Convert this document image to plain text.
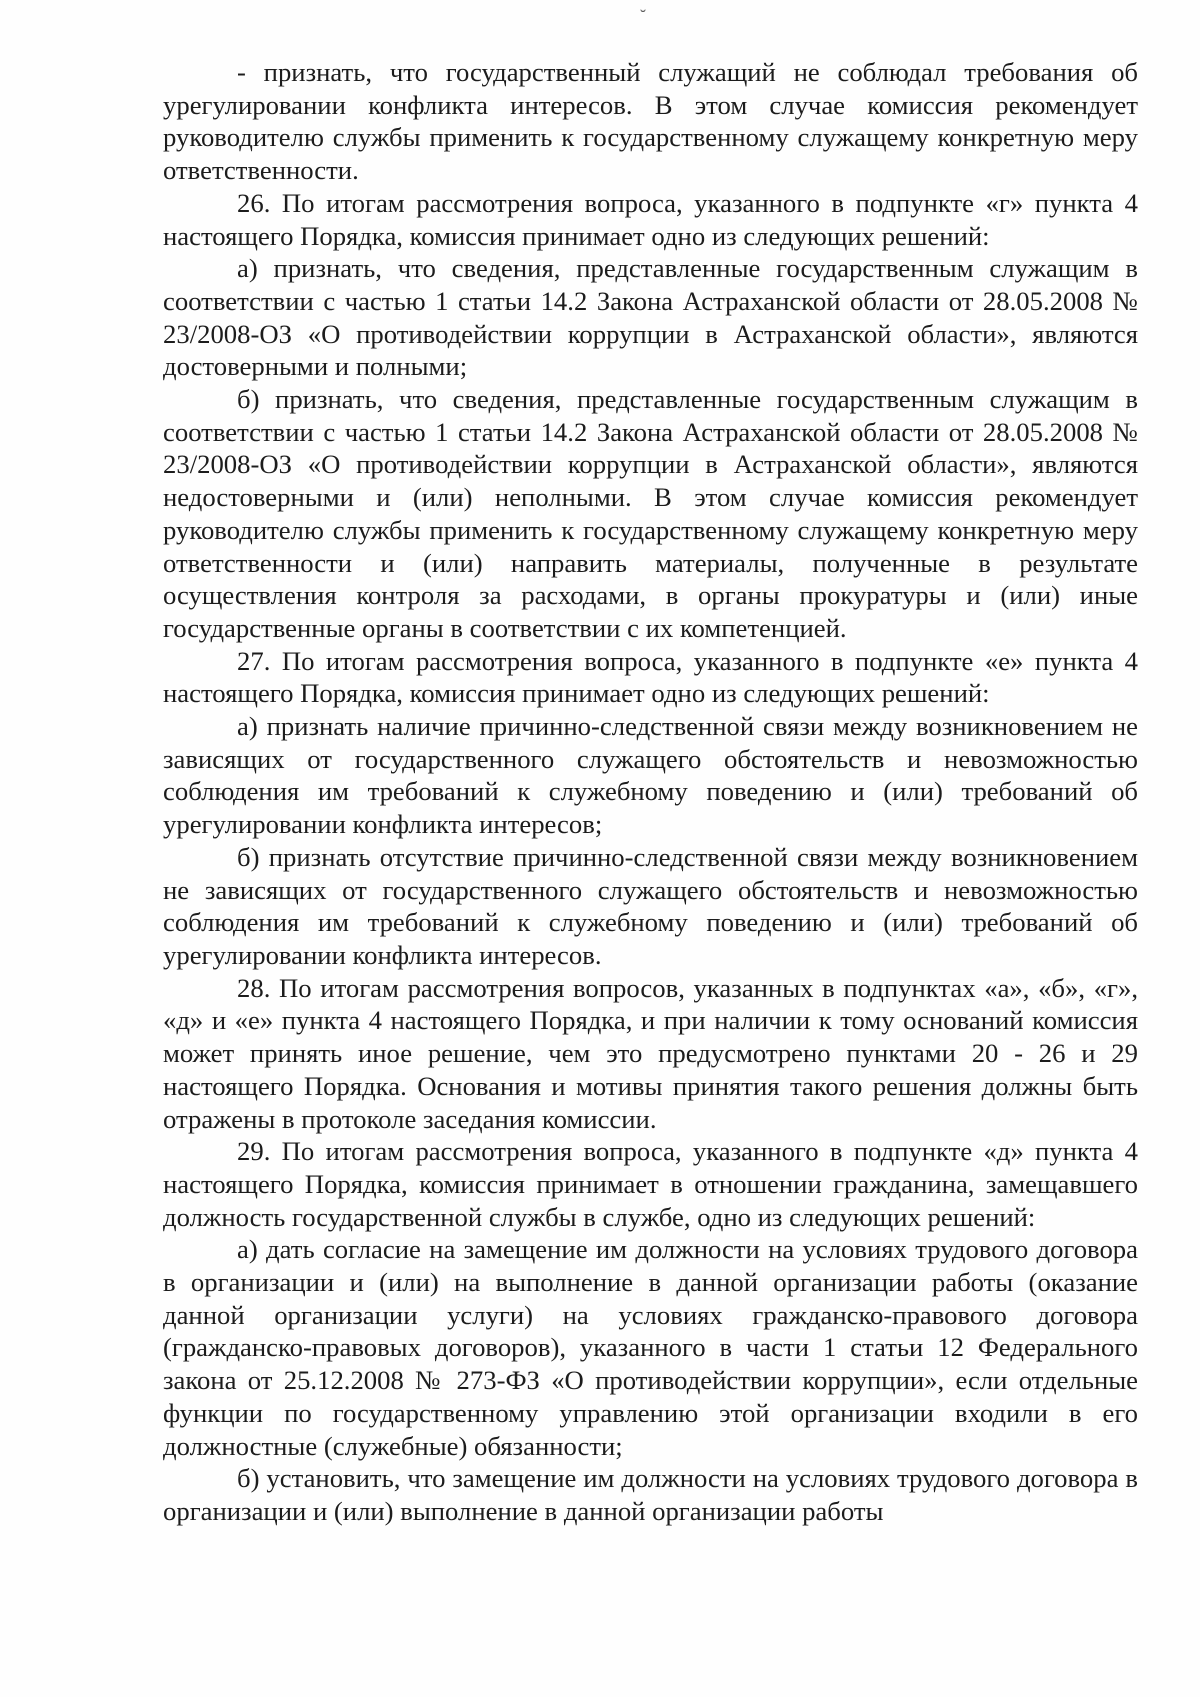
- признать, что государственный служащий не соблюдал требования об урегулировании конфликта интересов. В этом случае комиссия рекомендует руководителю службы применить к государственному служащему конкретную меру ответственности.

26. По итогам рассмотрения вопроса, указанного в подпункте «г» пункта 4 настоящего Порядка, комиссия принимает одно из следующих решений:

а) признать, что сведения, представленные государственным служащим в соответствии с частью 1 статьи 14.2 Закона Астраханской области от 28.05.2008 № 23/2008-ОЗ «О противодействии коррупции в Астраханской области», являются достоверными и полными;

б) признать, что сведения, представленные государственным служащим в соответствии с частью 1 статьи 14.2 Закона Астраханской области от 28.05.2008 № 23/2008-ОЗ «О противодействии коррупции в Астраханской области», являются недостоверными и (или) неполными. В этом случае комиссия рекомендует руководителю службы применить к государственному служащему конкретную меру ответственности и (или) направить материалы, полученные в результате осуществления контроля за расходами, в органы прокуратуры и (или) иные государственные органы в соответствии с их компетенцией.

27. По итогам рассмотрения вопроса, указанного в подпункте «е» пункта 4 настоящего Порядка, комиссия принимает одно из следующих решений:

а) признать наличие причинно-следственной связи между возникновением не зависящих от государственного служащего обстоятельств и невозможностью соблюдения им требований к служебному поведению и (или) требований об урегулировании конфликта интересов;

б) признать отсутствие причинно-следственной связи между возникновением не зависящих от государственного служащего обстоятельств и невозможностью соблюдения им требований к служебному поведению и (или) требований об урегулировании конфликта интересов.

28. По итогам рассмотрения вопросов, указанных в подпунктах «а», «б», «г», «д» и «е» пункта 4 настоящего Порядка, и при наличии к тому оснований комиссия может принять иное решение, чем это предусмотрено пунктами 20 - 26 и 29 настоящего Порядка. Основания и мотивы принятия такого решения должны быть отражены в протоколе заседания комиссии.

29. По итогам рассмотрения вопроса, указанного в подпункте «д» пункта 4 настоящего Порядка, комиссия принимает в отношении гражданина, замещавшего должность государственной службы в службе, одно из следующих решений:

а) дать согласие на замещение им должности на условиях трудового договора в организации и (или) на выполнение в данной организации работы (оказание данной организации услуги) на условиях гражданско-правового договора (гражданско-правовых договоров), указанного в части 1 статьи 12 Федерального закона от 25.12.2008 № 273-ФЗ «О противодействии коррупции», если отдельные функции по государственному управлению этой организации входили в его должностные (служебные) обязанности;

б) установить, что замещение им должности на условиях трудового договора в организации и (или) выполнение в данной организации работы
